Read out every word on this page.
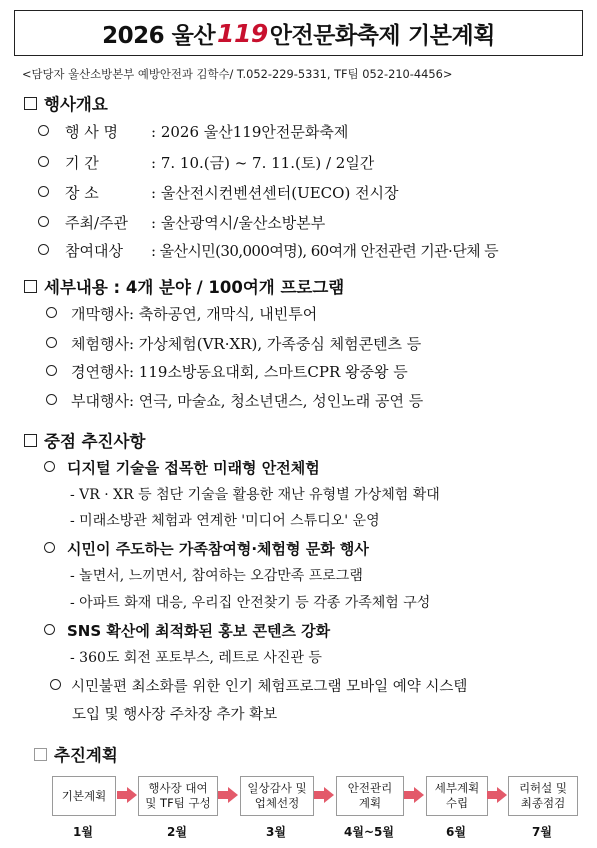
2026 울산 119 안전문화축제 기본계획
<담당자 울산소방본부 예방안전과 김학수/ T.052-229-5331, TF팀 052-210-4456>
행사개요
행 사 명 : 2026 울산119안전문화축제
기 간	: 7. 10.(금) ~ 7. 11.(토) / 2일간
장 소	: 울산전시컨벤션센터(UECO) 전시장
주최/주관 : 울산광역시/울산소방본부
참여대상 : 울산시민(30,000여명), 60여개 안전관련 기관·단체 등
세부내용 : 4개 분야 / 100여개 프로그램
개막행사: 축하공연, 개막식, 내빈투어
체험행사: 가상체험(VR·XR), 가족중심 체험콘텐츠 등
경연행사: 119소방동요대회, 스마트CPR 왕중왕 등
부대행사: 연극, 마술쇼, 청소년댄스, 성인노래 공연 등
중점 추진사항
디지털 기술을 접목한 미래형 안전체험
- VR · XR 등 첨단 기술을 활용한 재난 유형별 가상체험 확대
- 미래소방관 체험과 연계한 '미디어 스튜디오' 운영
시민이 주도하는 가족참여형·체험형 문화 행사
- 놀면서, 느끼면서, 참여하는 오감만족 프로그램
- 아파트 화재 대응, 우리집 안전찾기 등 각종 가족체험 구성
SNS 확산에 최적화된 홍보 콘텐츠 강화
- 360도 회전 포토부스, 레트로 사진관 등
시민불편 최소화를 위한 인기 체험프로그램 모바일 예약 시스템
도입 및 행사장 주차장 추가 확보
추진계획
기본계획
행사장 대여
및 TF팀 구성
일상감사 및
업체선정
안전관리
계획
세부계획
수립
리허설 및
최종점검
1월	2월	3월	4월~5월	6월	7월
